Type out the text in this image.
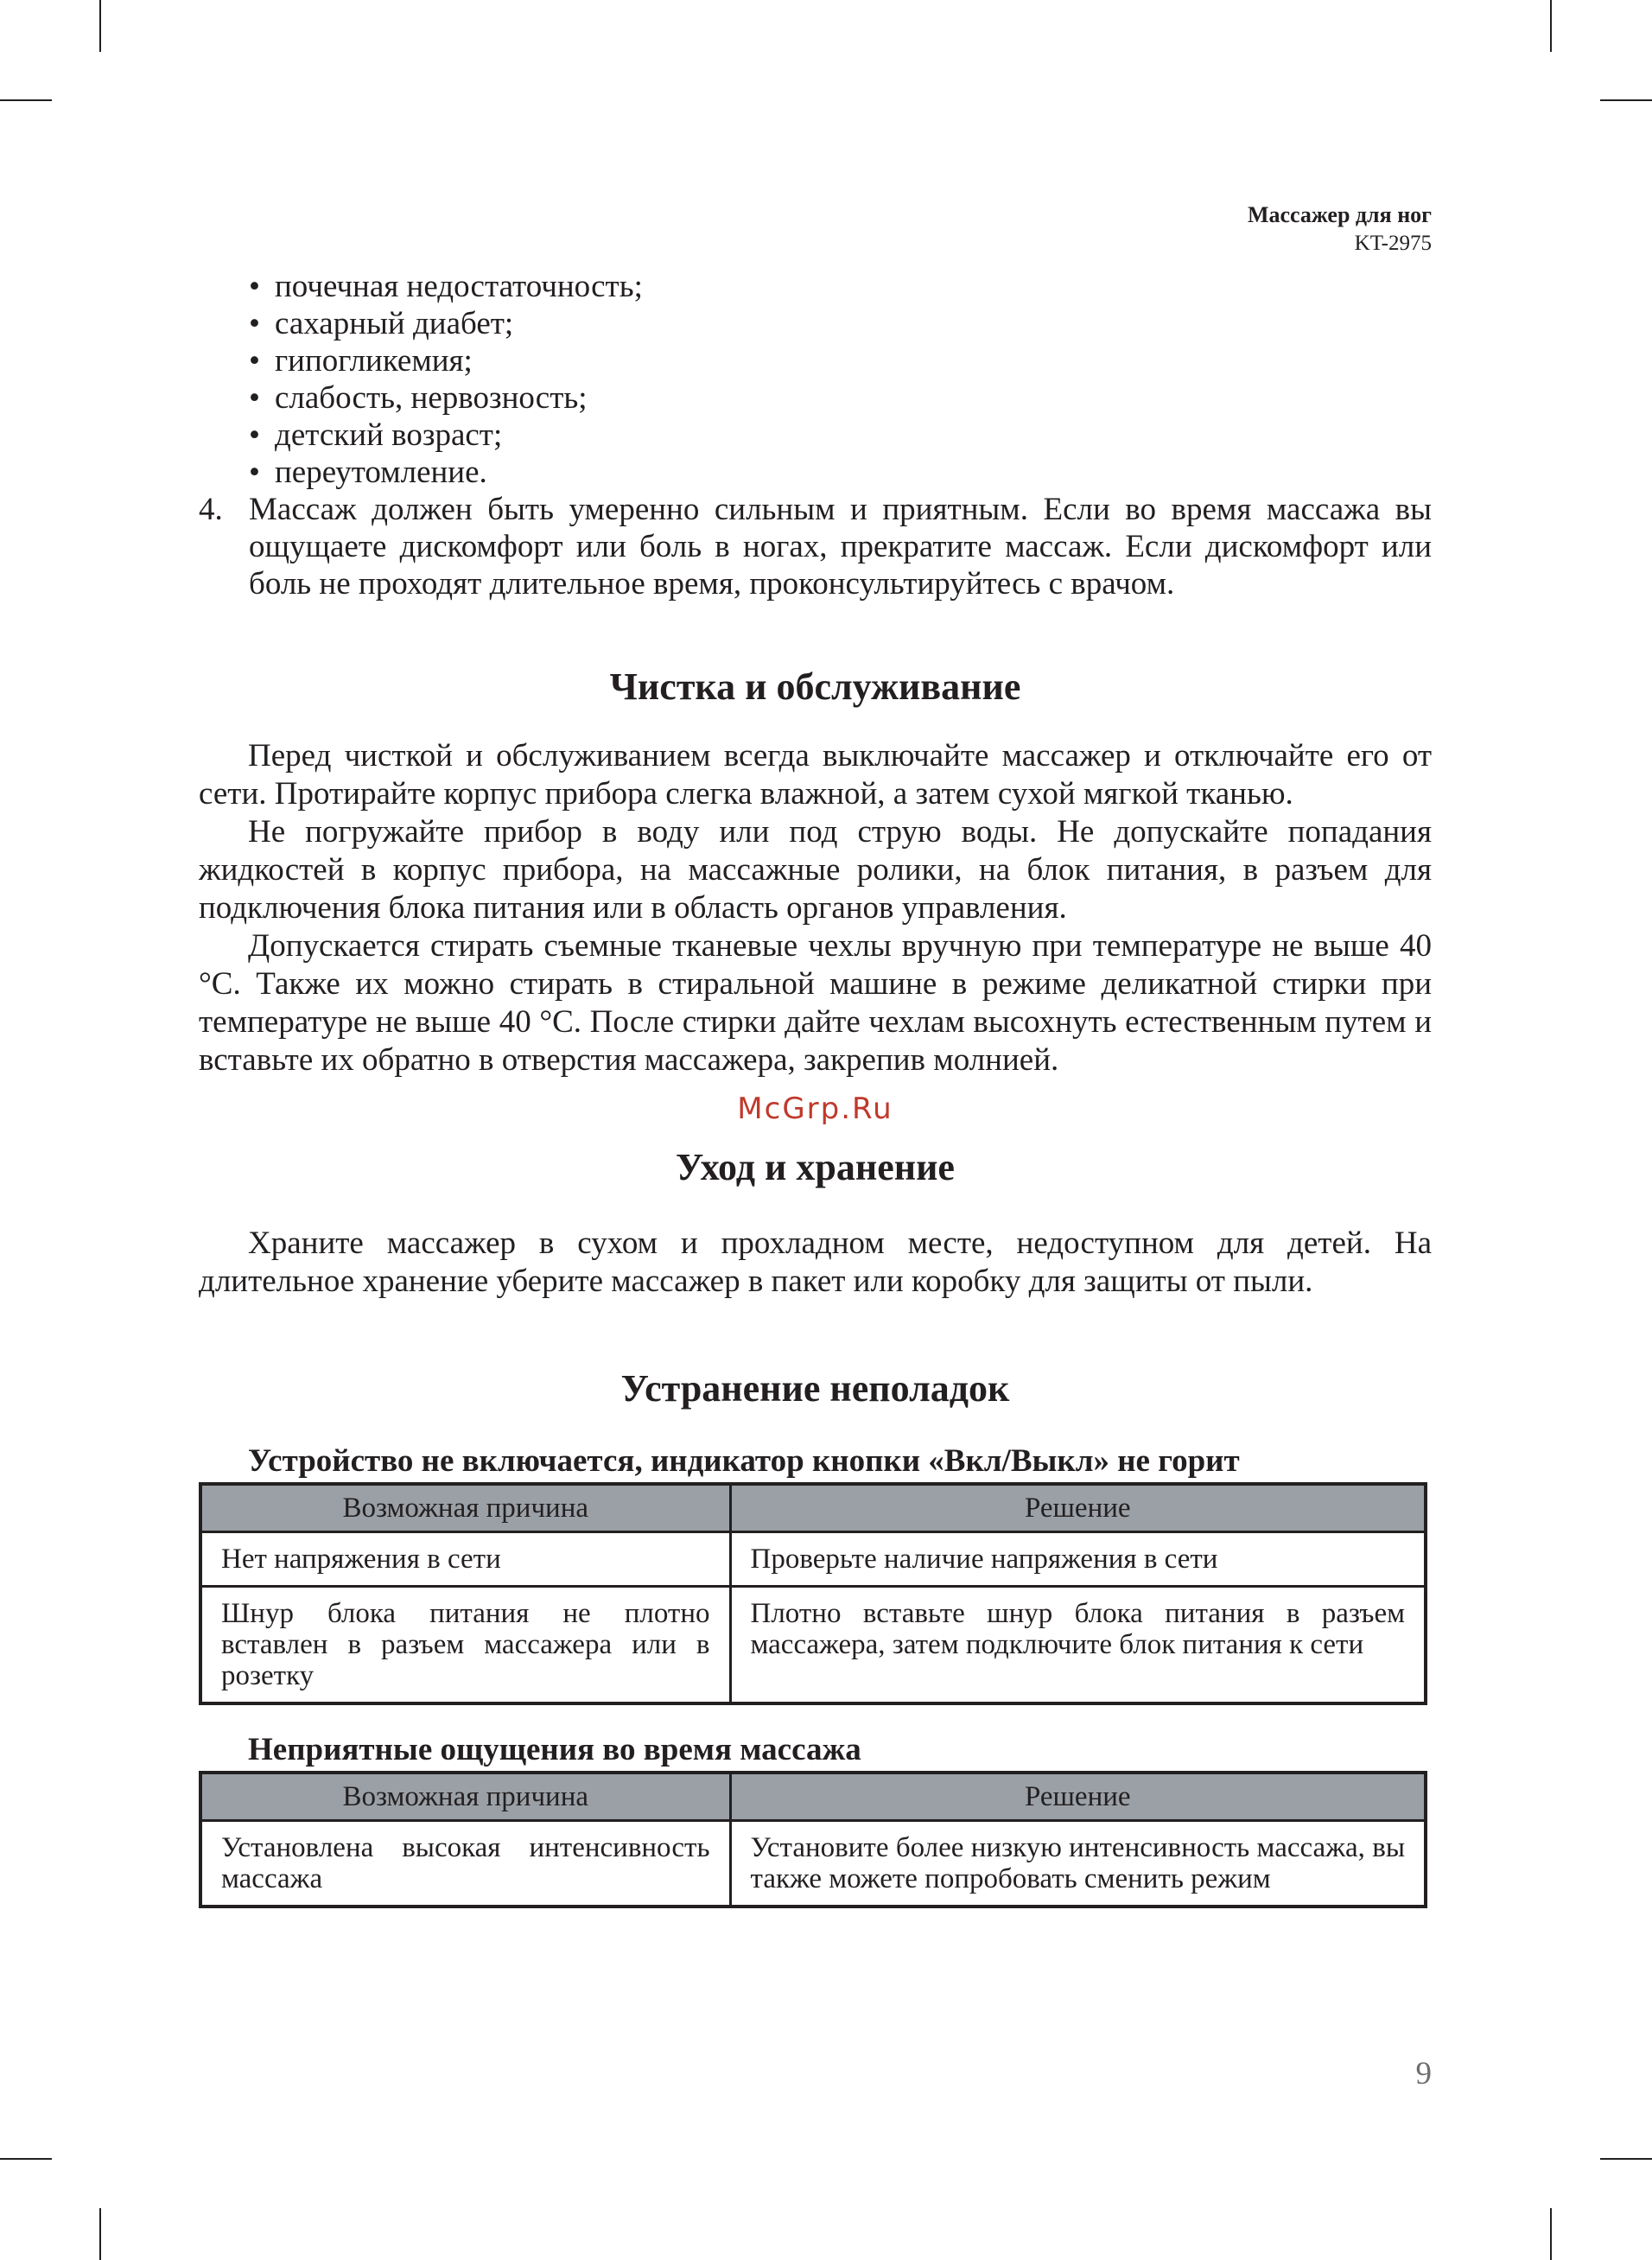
Массажер для ног
KT-2975
• почечная недостаточность;
• сахарный диабет;
• гипогликемия;
• слабость, нервозность;
• детский возраст;
• переутомление.
4. Массаж должен быть умеренно сильным и приятным. Если во время массажа вы ощущаете дискомфорт или боль в ногах, прекратите массаж. Если дискомфорт или боль не проходят длительное время, проконсультируйтесь с врачом.
Чистка и обслуживание

Перед чисткой и обслуживанием всегда выключайте массажер и отключайте его от сети. Протирайте корпус прибора слегка влажной, а затем сухой мягкой тканью.

Не погружайте прибор в воду или под струю воды. Не допускайте попадания жидкостей в корпус прибора, на массажные ролики, на блок питания, в разъем для подключения блока питания или в область органов управления.

Допускается стирать съемные тканевые чехлы вручную при температуре не выше 40 °С. Также их можно стирать в стиральной машине в режиме деликатной стирки при температуре не выше 40 °С. После стирки дайте чехлам высохнуть естественным путем и вставьте их обратно в отверстия массажера, закрепив молнией.

McGrp.Ru
Уход и хранение

Храните массажер в сухом и прохладном месте, недоступном для детей. На длительное хранение уберите массажер в пакет или коробку для защиты от пыли.

Устранение неполадок
Устройство не включается, индикатор кнопки «Вкл/Выкл» не горит
Возможная причина	Решение
Нет напряжения в сети	Проверьте наличие напряжения в сети
Шнур блока питания не плотно вставлен в разъем массажера или в розетку	Плотно вставьте шнур блока питания в разъем массажера, затем подключите блок питания к сети
Неприятные ощущения во время массажа
Возможная причина	Решение
Установлена высокая интенсивность массажа	Установите более низкую интенсивность массажа, вы также можете попробовать сменить режим
9
